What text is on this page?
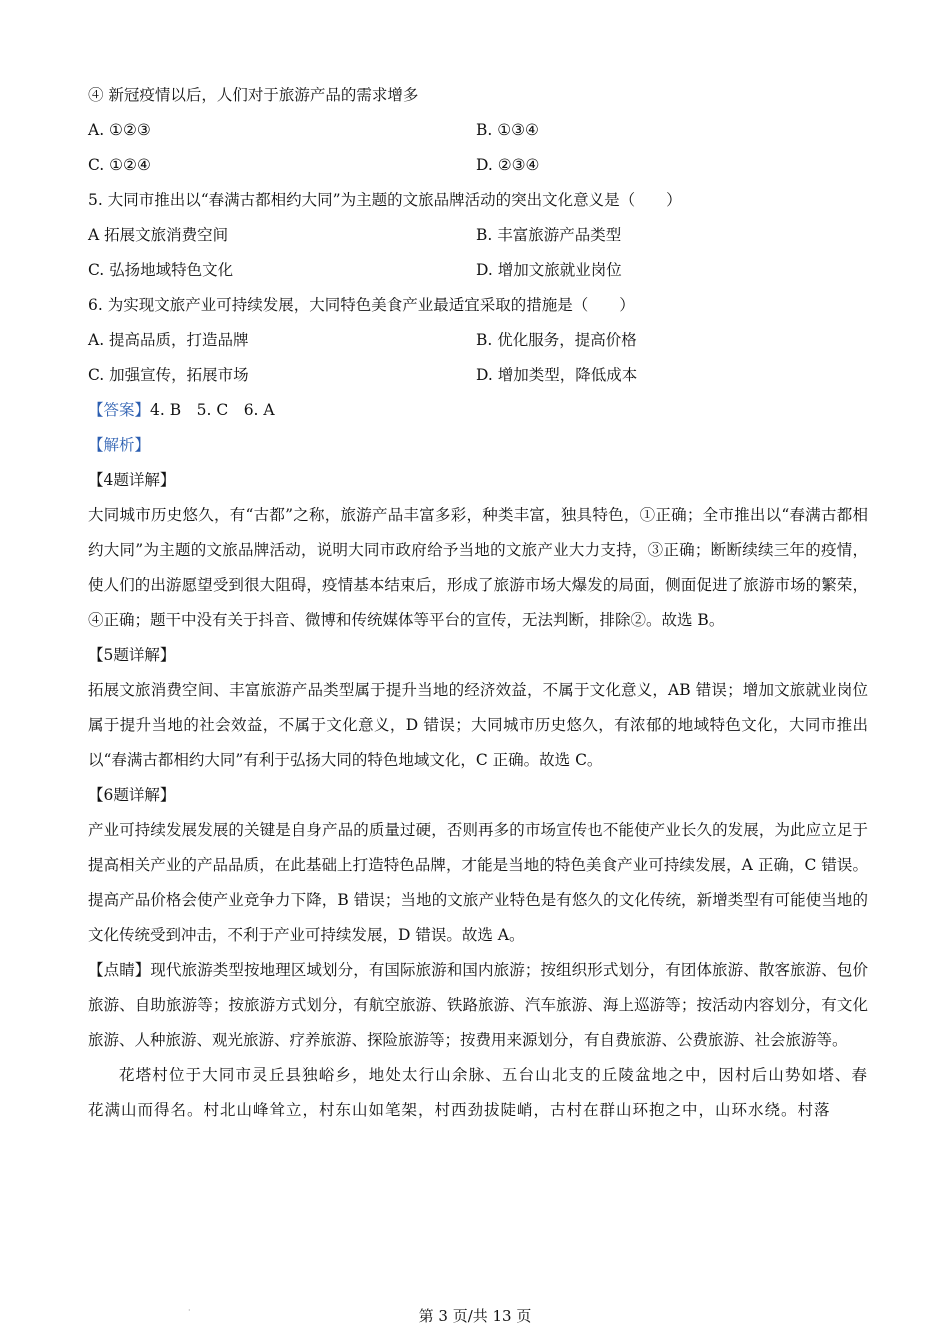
④ 新冠疫情以后，人们对于旅游产品的需求增多
A. ①②③	B. ①③④
C. ①②④	D. ②③④
5. 大同市推出以“春满古都相约大同”为主题的文旅品牌活动的突出文化意义是（　　）
A 拓展文旅消费空间	B. 丰富旅游产品类型
C. 弘扬地域特色文化	D. 增加文旅就业岗位
6. 为实现文旅产业可持续发展，大同特色美食产业最适宜采取的措施是（　　）
A. 提高品质，打造品牌	B. 优化服务，提高价格
C. 加强宣传，拓展市场	D. 增加类型，降低成本
【答案】4. B　5. C　6. A
【解析】
【4题详解】
大同城市历史悠久，有“古都”之称，旅游产品丰富多彩，种类丰富，独具特色，①正确；全市推出以“春满古都相约大同”为主题的文旅品牌活动，说明大同市政府给予当地的文旅产业大力支持，③正确；断断续续三年的疫情，使人们的出游愿望受到很大阻碍，疫情基本结束后，形成了旅游市场大爆发的局面，侧面促进了旅游市场的繁荣，④正确；题干中没有关于抖音、微博和传统媒体等平台的宣传，无法判断，排除②。故选 B。
【5题详解】
拓展文旅消费空间、丰富旅游产品类型属于提升当地的经济效益，不属于文化意义，AB 错误；增加文旅就业岗位属于提升当地的社会效益，不属于文化意义，D 错误；大同城市历史悠久，有浓郁的地域特色文化，大同市推出以“春满古都相约大同”有利于弘扬大同的特色地域文化，C 正确。故选 C。
【6题详解】
产业可持续发展发展的关键是自身产品的质量过硬，否则再多的市场宣传也不能使产业长久的发展，为此应立足于提高相关产业的产品品质，在此基础上打造特色品牌，才能是当地的特色美食产业可持续发展，A 正确，C 错误。提高产品价格会使产业竞争力下降，B 错误；当地的文旅产业特色是有悠久的文化传统，新增类型有可能使当地的文化传统受到冲击，不利于产业可持续发展，D 错误。故选 A。
【点睛】现代旅游类型按地理区域划分，有国际旅游和国内旅游；按组织形式划分，有团体旅游、散客旅游、包价旅游、自助旅游等；按旅游方式划分，有航空旅游、铁路旅游、汽车旅游、海上巡游等；按活动内容划分，有文化旅游、人种旅游、观光旅游、疗养旅游、探险旅游等；按费用来源划分，有自费旅游、公费旅游、社会旅游等。
花塔村位于大同市灵丘县独峪乡，地处太行山余脉、五台山北支的丘陵盆地之中，因村后山势如塔、春花满山而得名。村北山峰耸立，村东山如笔架，村西劲拔陡峭，古村在群山环抱之中，山环水绕。村落
·	第 3 页/共 13 页
